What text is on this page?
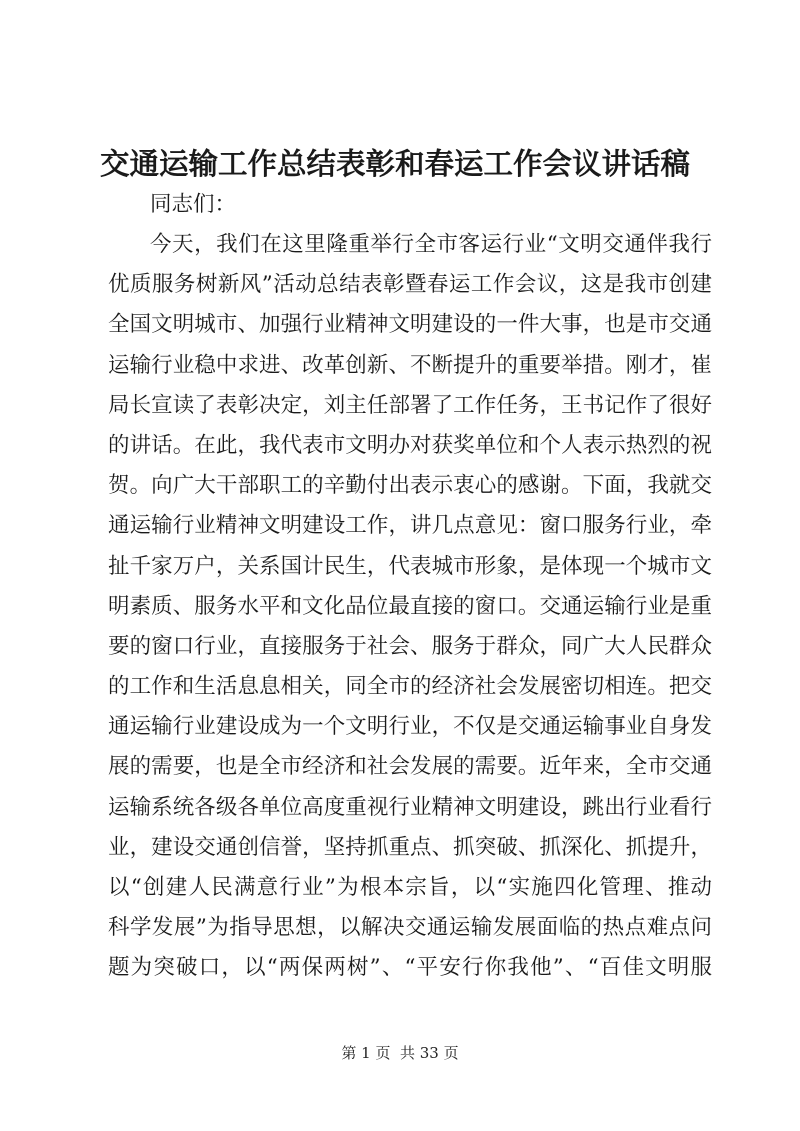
交通运输工作总结表彰和春运工作会议讲话稿
同志们：
今天，我们在这里隆重举行全市客运行业“文明交通伴我行
优质服务树新风”活动总结表彰暨春运工作会议，这是我市创建
全国文明城市、加强行业精神文明建设的一件大事，也是市交通
运输行业稳中求进、改革创新、不断提升的重要举措。刚才，崔
局长宣读了表彰决定，刘主任部署了工作任务，王书记作了很好
的讲话。在此，我代表市文明办对获奖单位和个人表示热烈的祝
贺。向广大干部职工的辛勤付出表示衷心的感谢。下面，我就交
通运输行业精神文明建设工作，讲几点意见：窗口服务行业，牵
扯千家万户，关系国计民生，代表城市形象，是体现一个城市文
明素质、服务水平和文化品位最直接的窗口。交通运输行业是重
要的窗口行业，直接服务于社会、服务于群众，同广大人民群众
的工作和生活息息相关，同全市的经济社会发展密切相连。把交
通运输行业建设成为一个文明行业，不仅是交通运输事业自身发
展的需要，也是全市经济和社会发展的需要。近年来，全市交通
运输系统各级各单位高度重视行业精神文明建设，跳出行业看行
业，建设交通创信誉，坚持抓重点、抓突破、抓深化、抓提升，
以“创建人民满意行业”为根本宗旨，以“实施四化管理、推动
科学发展”为指导思想，以解决交通运输发展面临的热点难点问
题为突破口，以“两保两树”、“平安行你我他”、“百佳文明服
第 1 页  共 33 页
